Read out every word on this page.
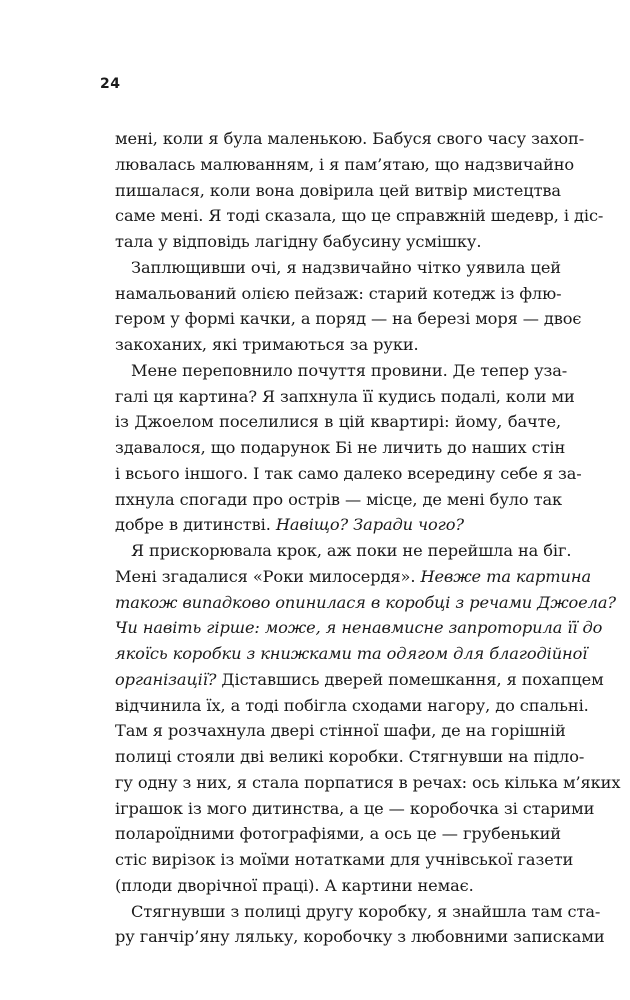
24
мені, коли я була маленькою. Бабуся свого часу захоп-
лювалась малюванням, і я пам’ятаю, що надзвичайно
пишалася, коли вона довірила цей витвір мистецтва
саме мені. Я тоді сказала, що це справжній шедевр, і діс-
тала у відповідь лагідну бабусину усмішку.
Заплющивши очі, я надзвичайно чітко уявила цей
намальований олією пейзаж: старий котедж із флю-
гером у формі качки, а поряд — на березі моря — двоє
закоханих, які тримаються за руки.
Мене переповнило почуття провини. Де тепер уза-
галі ця картина? Я запхнула її кудись подалі, коли ми
із Джоелом поселилися в цій квартирі: йому, бачте,
здавалося, що подарунок Бі не личить до наших стін
і всього іншого. І так само далеко всередину себе я за-
пхнула спогади про острів — місце, де мені було так
добре в дитинстві. Навіщо? Заради чого?
Я прискорювала крок, аж поки не перейшла на біг.
Мені згадалися «Роки милосердя». Невже та картина
також випадково опинилася в коробці з речами Джоела?
Чи навіть гірше: може, я ненавмисне запроторила її до
якоїсь коробки з книжками та одягом для благодійної
організації? Діставшись дверей помешкання, я похапцем
відчинила їх, а тоді побігла сходами нагору, до спальні.
Там я розчахнула двері стінної шафи, де на горішній
полиці стояли дві великі коробки. Стягнувши на підло-
гу одну з них, я стала порпатися в речах: ось кілька м’яких
іграшок із мого дитинства, а це — коробочка зі старими
полароїдними фотографіями, а ось це — грубенький
стіс вирізок із моїми нотатками для учнівської газети
(плоди дворічної праці). А картини немає.
Стягнувши з полиці другу коробку, я знайшла там ста-
ру ганчір’яну ляльку, коробочку з любовними записками
